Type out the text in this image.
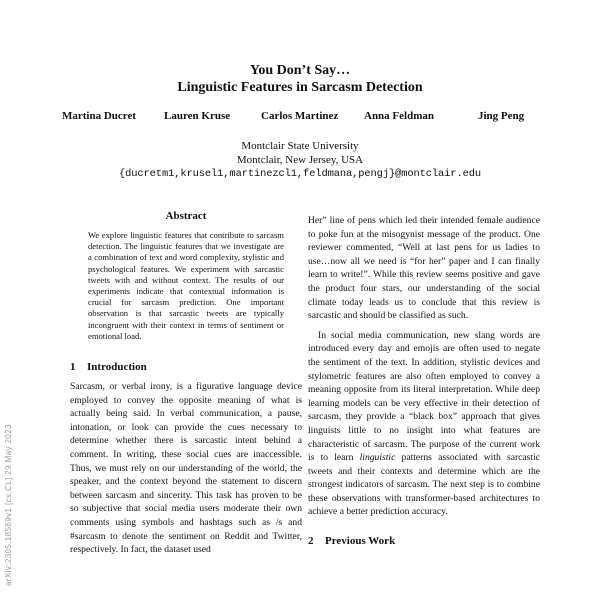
You Don’t Say…
Linguistic Features in Sarcasm Detection
Martina Ducret	Lauren Kruse	Carlos Martinez Anna Feldman	Jing Peng
Montclair State University
Montclair, New Jersey, USA
{ducretm1,krusel1,martinezcl1,feldmana,pengj}@montclair.edu
Abstract

We explore linguistic features that contribute to sarcasm detection. The linguistic features that we investigate are a combination of text and word complexity, stylistic and psychological features. We experiment with sarcastic tweets with and without context. The results of our experiments indicate that contextual information is crucial for sarcasm prediction. One important observation is that sarcastic tweets are typically incongruent with their context in terms of sentiment or emotional load.

1 Introduction

Sarcasm, or verbal irony, is a figurative language device employed to convey the opposite meaning of what is actually being said. In verbal communication, a pause, intonation, or look can provide the cues necessary to determine whether there is sarcastic intent behind a comment. In writing, these social cues are inaccessible. Thus, we must rely on our understanding of the world, the speaker, and the context beyond the statement to discern between sarcasm and sincerity. This task has proven to be so subjective that social media users moderate their own comments using symbols and hashtags such as /s and #sarcasm to denote the sentiment on Reddit and Twitter, respectively. In fact, the dataset used

Her” line of pens which led their intended female audience to poke fun at the misogynist message of the product. One reviewer commented, “Well at last pens for us ladies to use…now all we need is “for her” paper and I can finally learn to write!”. While this review seems positive and gave the product four stars, our understanding of the social climate today leads us to conclude that this review is sarcastic and should be classified as such.

In social media communication, new slang words are introduced every day and emojis are often used to negate the sentiment of the text. In addition, stylistic devices and stylometric features are also often employed to convey a meaning opposite from its literal interpretation. While deep learning models can be very effective in their detection of sarcasm, they provide a “black box” approach that gives linguists little to no insight into what features are characteristic of sarcasm. The purpose of the current work is to learn linguistic patterns associated with sarcastic tweets and their contexts and determine which are the strongest indicators of sarcasm. The next step is to combine these observations with transformer-based architectures to achieve a better prediction accuracy.

2 Previous Work
arXiv:2305.18569v1 [cs.CL] 29 May 2023
